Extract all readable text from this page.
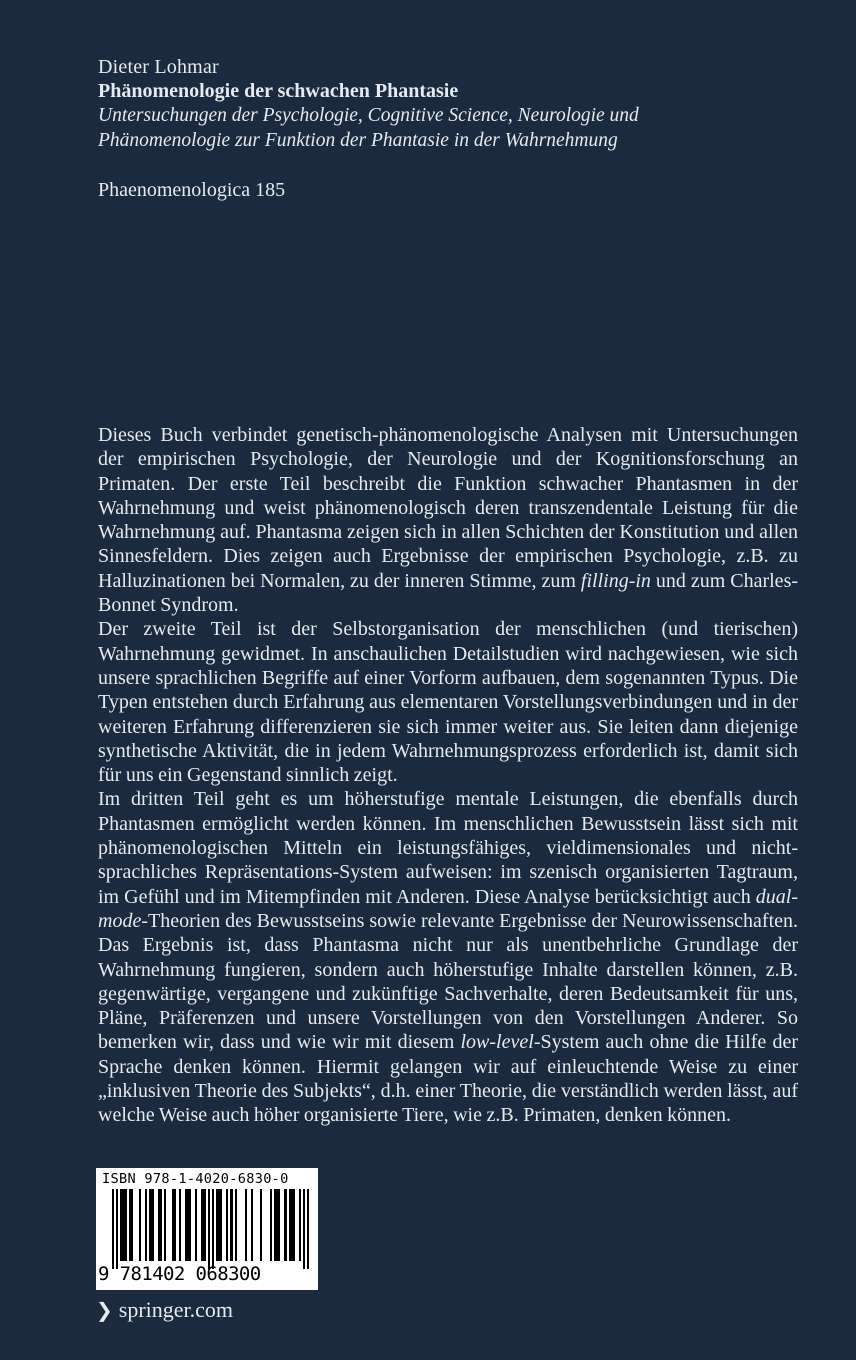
Dieter Lohmar
Phänomenologie der schwachen Phantasie
Untersuchungen der Psychologie, Cognitive Science, Neurologie und
Phänomenologie zur Funktion der Phantasie in der Wahrnehmung
Phaenomenologica 185

Dieses Buch verbindet genetisch-phänomenologische Analysen mit Untersuchungen der empirischen Psychologie, der Neurologie und der Kognitionsforschung an Primaten. Der erste Teil beschreibt die Funktion schwacher Phantasmen in der Wahrnehmung und weist phänomenologisch deren transzendentale Leistung für die Wahrnehmung auf. Phantasma zeigen sich in allen Schichten der Konstitution und allen Sinnesfeldern. Dies zeigen auch Ergebnisse der empirischen Psychologie, z.B. zu Halluzinationen bei Normalen, zu der inneren Stimme, zum filling-in und zum Charles-Bonnet Syndrom.

Der zweite Teil ist der Selbstorganisation der menschlichen (und tierischen) Wahrnehmung gewidmet. In anschaulichen Detailstudien wird nachgewiesen, wie sich unsere sprachlichen Begriffe auf einer Vorform aufbauen, dem sogenannten Typus. Die Typen entstehen durch Erfahrung aus elementaren Vorstellungsverbindungen und in der weiteren Erfahrung differenzieren sie sich immer weiter aus. Sie leiten dann diejenige synthetische Aktivität, die in jedem Wahrnehmungsprozess erforderlich ist, damit sich für uns ein Gegenstand sinnlich zeigt.

Im dritten Teil geht es um höherstufige mentale Leistungen, die ebenfalls durch Phantasmen ermöglicht werden können. Im menschlichen Bewusstsein lässt sich mit phänomenologischen Mitteln ein leistungsfähiges, vieldimensionales und nicht-sprachliches Repräsentations-System aufweisen: im szenisch organisierten Tagtraum, im Gefühl und im Mitempfinden mit Anderen. Diese Analyse berücksichtigt auch dual-mode-Theorien des Bewusstseins sowie relevante Ergebnisse der Neurowissenschaften. Das Ergebnis ist, dass Phantasma nicht nur als unentbehrliche Grundlage der Wahrnehmung fungieren, sondern auch höherstufige Inhalte darstellen können, z.B. gegenwärtige, vergangene und zukünftige Sachverhalte, deren Bedeutsamkeit für uns, Pläne, Präferenzen und unsere Vorstellungen von den Vorstellungen Anderer. So bemerken wir, dass und wie wir mit diesem low-level-System auch ohne die Hilfe der Sprache denken können. Hiermit gelangen wir auf einleuchtende Weise zu einer „inklusiven Theorie des Subjekts“, d.h. einer Theorie, die verständlich werden lässt, auf welche Weise auch höher organisierte Tiere, wie z.B. Primaten, denken können.

ISBN 978-1-4020-6830-0
9 781402 068300
❯ springer.com
